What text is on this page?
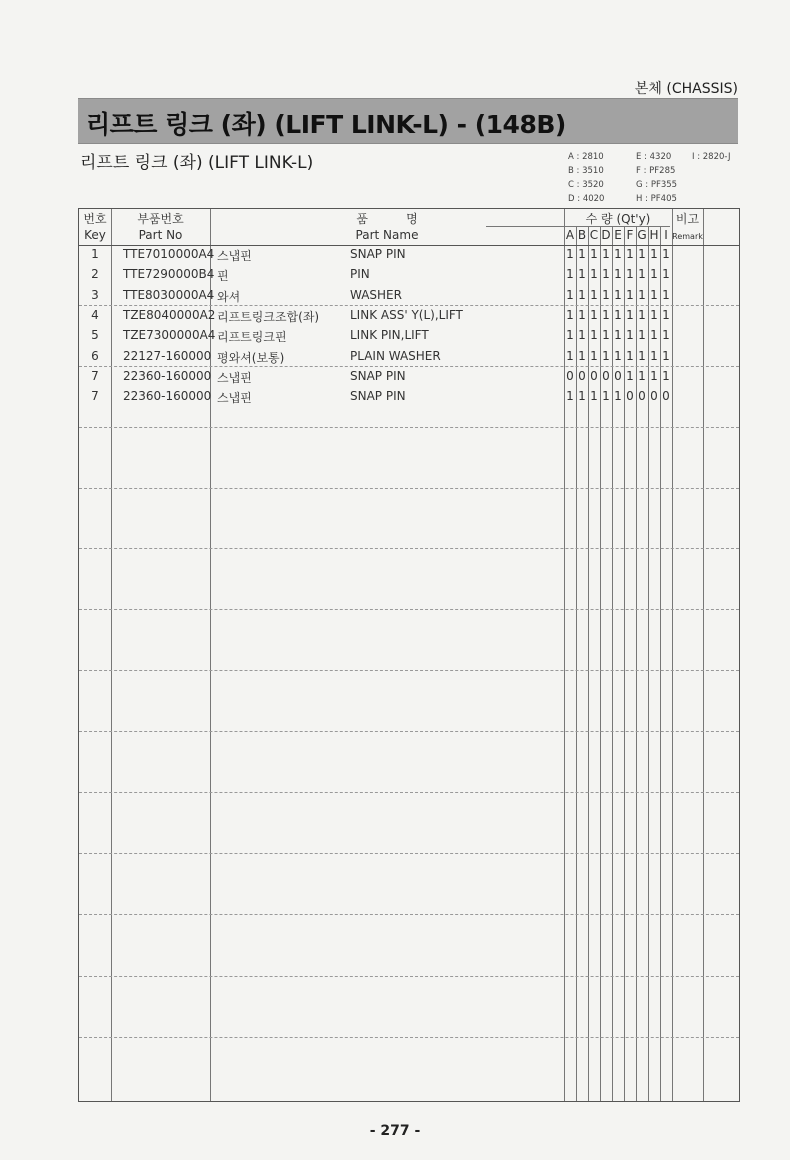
본체 (CHASSIS)
리프트 링크 (좌) (LIFT LINK-L) - (148B)
리프트 링크 (좌) (LIFT LINK-L)	A : 2810	E : 4320 I : 2820-J
B : 3510	F : PF285
C : 3520	G : PF355
D : 4020	H : PF405
번호
Key
부품번호
Part No
품          명
Part Name
수 량 (Qt'y)	비고
Remark
A B C D E F G H I
1	TTE7010000A4 스냅핀	SNAP PIN	1 1 1 1 1 1 1 1 1
2	TTE7290000B4 핀	PIN	1 1 1 1 1 1 1 1 1
3	TTE8030000A4 와셔	WASHER	1 1 1 1 1 1 1 1 1
4	TZE8040000A2 리프트링크조합(좌)	LINK ASS' Y(L),LIFT	1 1 1 1 1 1 1 1 1
5	TZE7300000A4 리프트링크핀	LINK PIN,LIFT	1 1 1 1 1 1 1 1 1
6	22127-160000 평와셔(보통)	PLAIN WASHER	1 1 1 1 1 1 1 1 1
7	22360-160000 스냅핀	SNAP PIN	0 0 0 0 0 1 1 1 1
7	22360-160000 스냅핀	SNAP PIN	1 1 1 1 1 0 0 0 0
- 277 -
